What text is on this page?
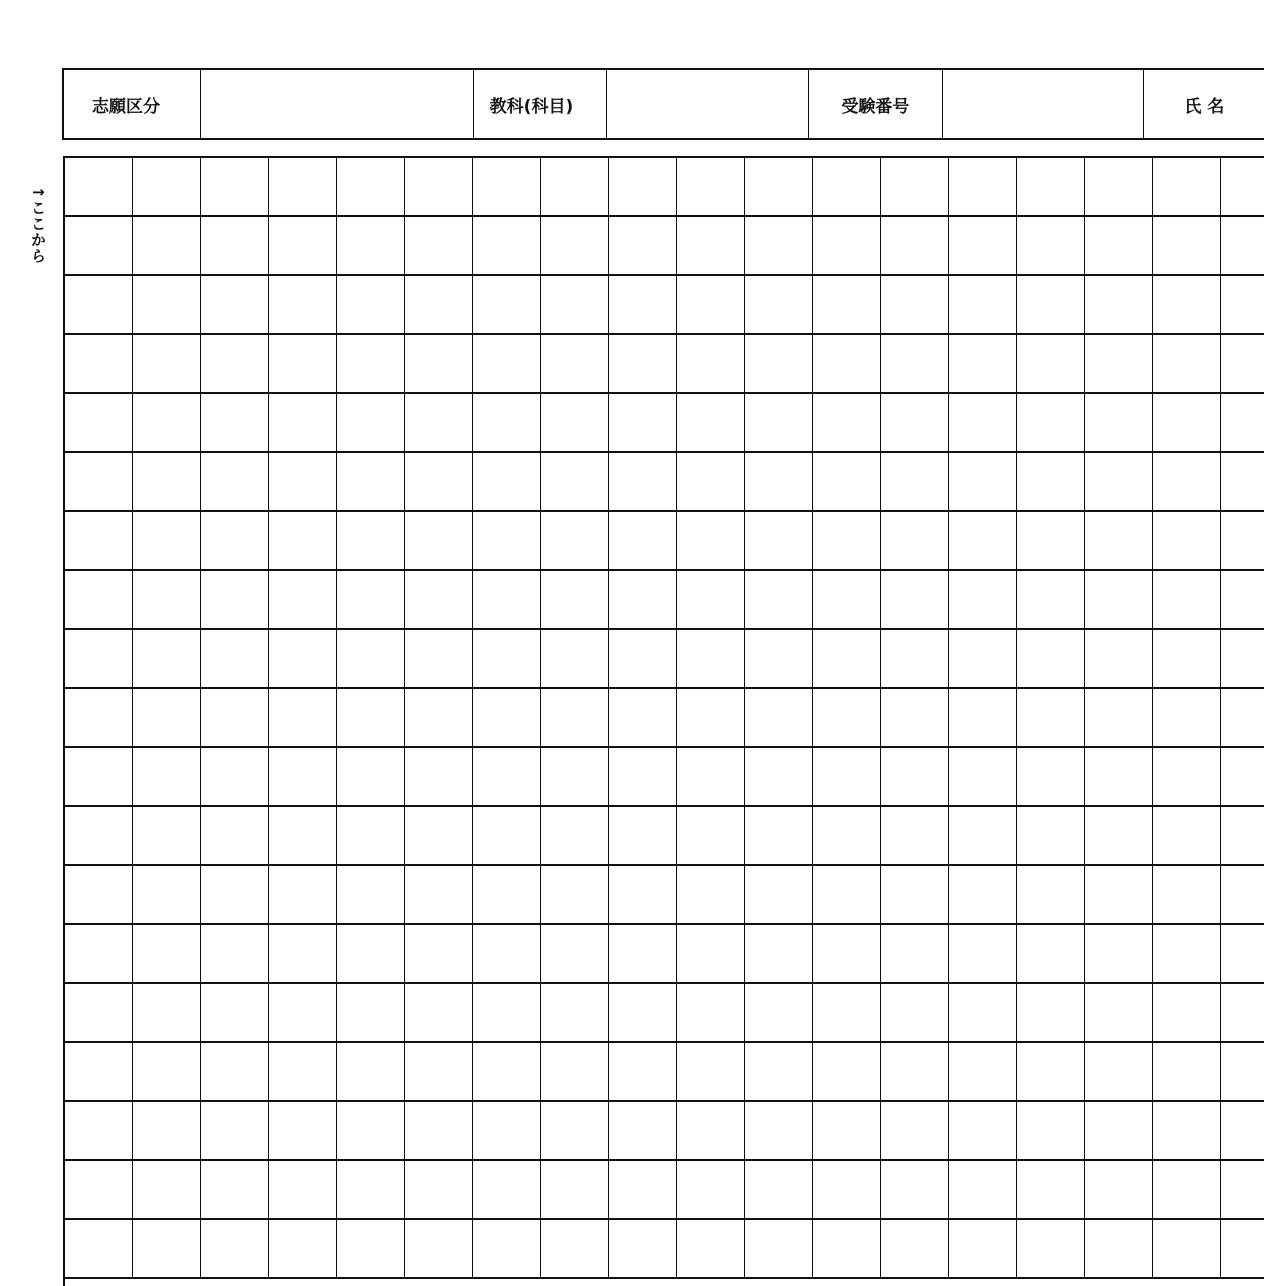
志願区分	教科(科目)	受験番号	氏 名
↑ここから
